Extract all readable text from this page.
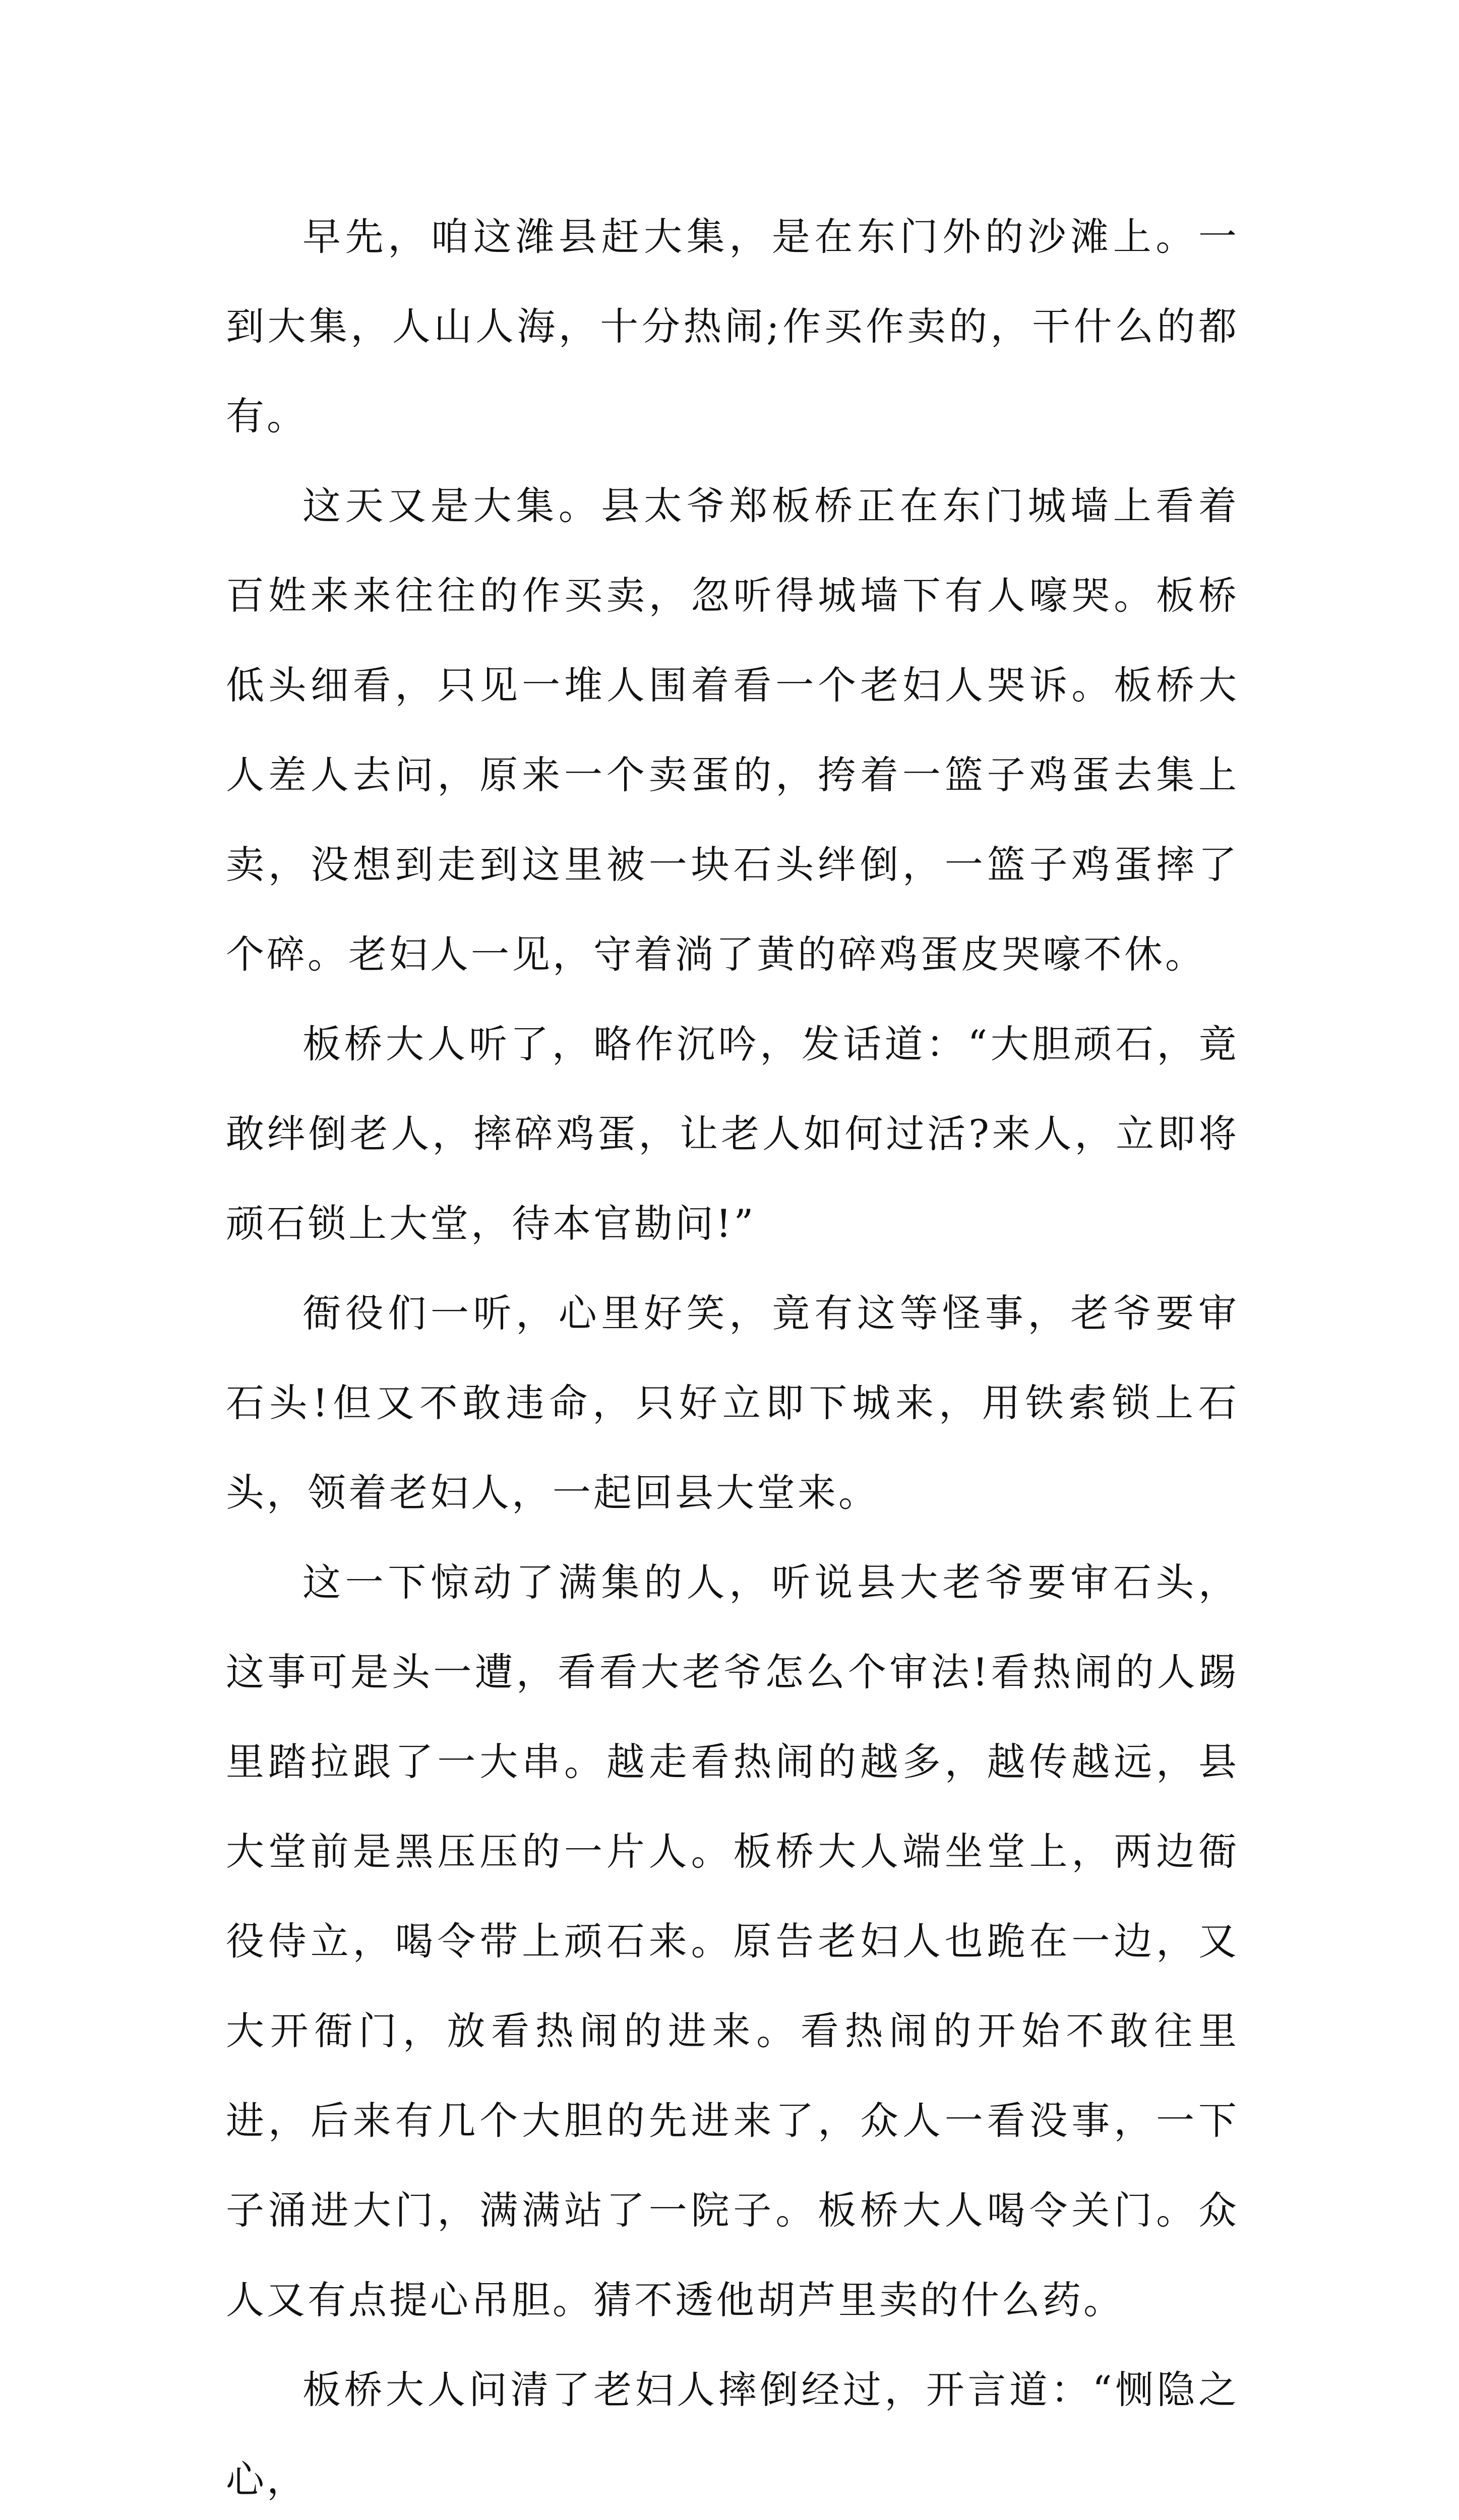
早先，咱这潍县赶大集，是在东门外的沙滩上。一到大集，人山人海，十分热闹;作买作卖的，干什么的都有。

这天又是大集。县太爷郑板桥正在东门城墙上看着百姓来来往往的作买卖，忽听得城墙下有人嚎哭。板桥低头细看，只见一堆人围着看一个老妇人哭诉。板桥大人差人去问，原来一个卖蛋的，挎着一篮子鸡蛋去集上卖，没想到走到这里被一块石头绊倒，一篮子鸡蛋摔了个碎。老妇人一见，守着淌了黄的碎鸡蛋皮哭嚎不休。

板桥大人听了，略作沉吟，发话道：“大胆顽石，竟敢绊倒老人，摔碎鸡蛋，让老人如何过活?来人，立即将顽石锁上大堂，待本官勘问!”

衙役们一听，心里好笑，竟有这等怪事，老爷要审石头!但又不敢违命，只好立即下城来，用铁索锁上石头，领着老妇人，一起回县大堂来。

这一下惊动了满集的人，听说县大老爷要审石头，这事可是头一遭，看看大老爷怎么个审法!看热闹的人踢里踏拉跟了一大串。越走看热闹的越多，越传越远，县大堂前是黑压压的一片人。板桥大人端坐堂上，两边衙役侍立，喝令带上顽石来。原告老妇人也跪在一边，又大开衙门，放看热闹的进来。看热闹的开始不敢往里进，后来有几个大胆的先进来了，众人一看没事，一下子涌进大门，满满站了一院子。板桥大人喝令关门。众人又有点提心吊胆。猜不透他胡芦里卖的什么药。

板桥大人问清了老妇人摔倒经过，开言道：“恻隐之心，
